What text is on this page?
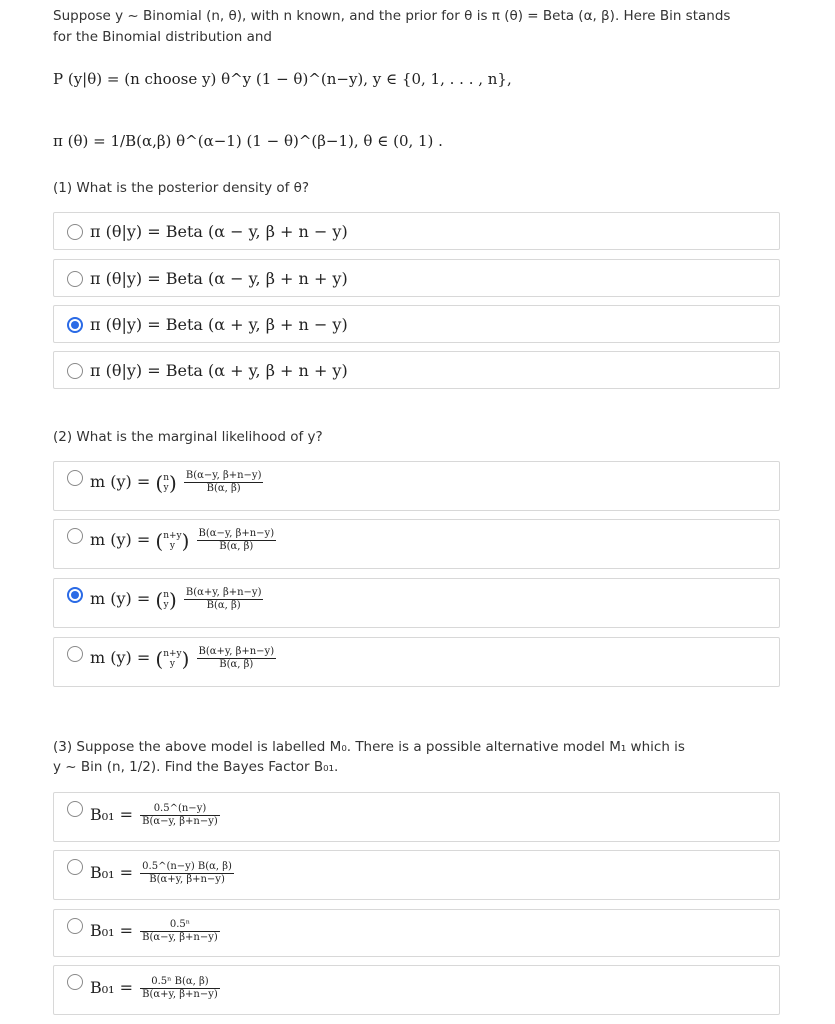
Suppose y ~ Binomial (n, θ), with n known, and the prior for θ is π (θ) = Beta (α, β). Here Bin stands
for the Binomial distribution and
P (y|θ) = (n choose y) θ^y (1 − θ)^(n−y), y ∈ {0, 1, . . . , n},
π (θ) = 1/B(α,β) θ^(α−1) (1 − θ)^(β−1), θ ∈ (0, 1) .
(1) What is the posterior density of θ?
π (θ|y) = Beta (α − y, β + n − y)
π (θ|y) = Beta (α − y, β + n + y)
π (θ|y) = Beta (α + y, β + n − y)
π (θ|y) = Beta (α + y, β + n + y)
(2) What is the marginal likelihood of y?
m (y) = (n
$y) \frac{B(\alpha-y, \beta+n-y)}{B(\alpha, \beta)}$
m (y) = (n+y
y ) $\frac{B(\alpha-y, \beta+n-y)}{B(\alpha, \beta)}$
m (y) = (n
$y) \frac{B(\alpha+y, \beta+n-y)}{B(\alpha, \beta)}$
m (y) = (n+y
y ) $\frac{B(\alpha+y, \beta+n-y)}{B(\alpha, \beta)}$
(3) Suppose the above model is labelled M₀. There is a possible alternative model M₁ which is
y ~ Bin (n, 1/2). Find the Bayes Factor B₀₁.
$B_{01} = \frac{0.5\^{}(n-y)}{B(\alpha-y, \beta+n-y)}$
$B_{01} = \frac{0.5\^{}(n-y) B(\alpha, \beta)}{B(\alpha+y, \beta+n-y)}$
$B_{01} = \frac{\text{0.5ⁿ}}{B(\alpha-y, \beta+n-y)}$
$B_{01} = \frac{\text{0.5ⁿ B(α, β)}}{B(\alpha+y, \beta+n-y)}$
